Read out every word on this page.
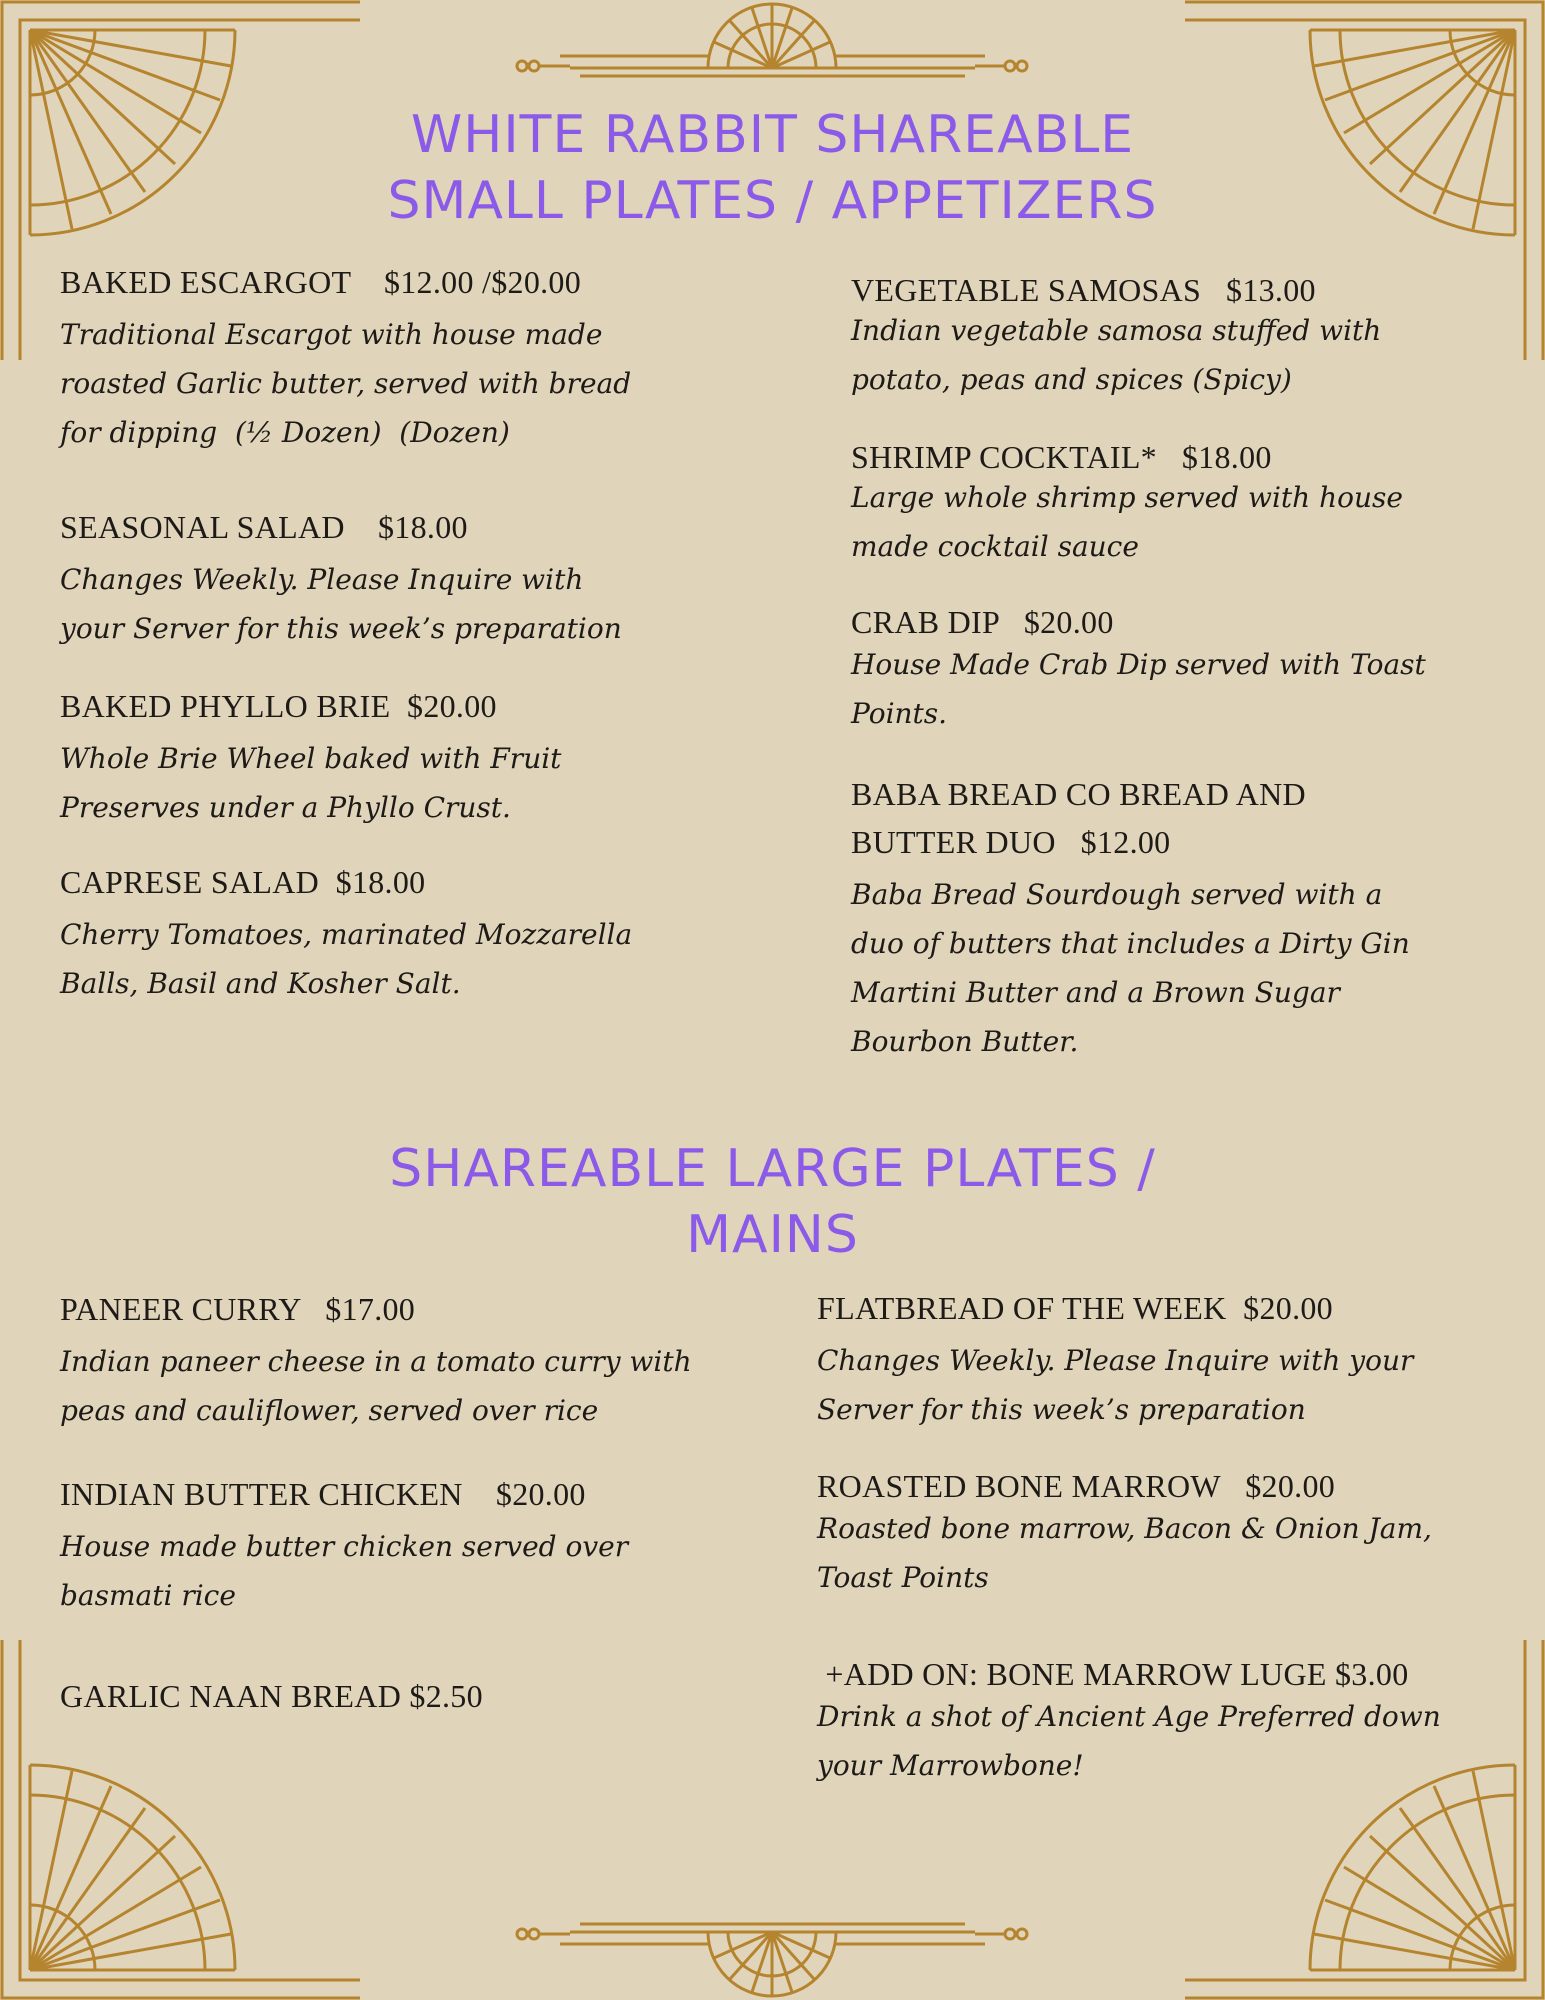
WHITE RABBIT SHAREABLE
SMALL PLATES / APPETIZERS
SHAREABLE LARGE PLATES /
MAINS
BAKED ESCARGOT    $12.00 /$20.00
Traditional Escargot with house made
roasted Garlic butter, served with bread
for dipping  (½ Dozen)  (Dozen)
SEASONAL SALAD    $18.00
Changes Weekly. Please Inquire with
your Server for this week’s preparation
BAKED PHYLLO BRIE  $20.00
Whole Brie Wheel baked with Fruit
Preserves under a Phyllo Crust.
CAPRESE SALAD  $18.00
Cherry Tomatoes, marinated Mozzarella
Balls, Basil and Kosher Salt.
VEGETABLE SAMOSAS   $13.00
Indian vegetable samosa stuffed with
potato, peas and spices (Spicy)
SHRIMP COCKTAIL*   $18.00
Large whole shrimp served with house
made cocktail sauce
CRAB DIP   $20.00
House Made Crab Dip served with Toast
Points.
BABA BREAD CO BREAD AND
BUTTER DUO   $12.00
Baba Bread Sourdough served with a
duo of butters that includes a Dirty Gin
Martini Butter and a Brown Sugar
Bourbon Butter.
PANEER CURRY   $17.00
Indian paneer cheese in a tomato curry with
peas and cauliflower, served over rice
INDIAN BUTTER CHICKEN    $20.00
House made butter chicken served over
basmati rice
GARLIC NAAN BREAD $2.50
FLATBREAD OF THE WEEK  $20.00
Changes Weekly. Please Inquire with your
Server for this week’s preparation
ROASTED BONE MARROW   $20.00
Roasted bone marrow, Bacon & Onion Jam,
Toast Points
+ADD ON: BONE MARROW LUGE $3.00
Drink a shot of Ancient Age Preferred down
your Marrowbone!
